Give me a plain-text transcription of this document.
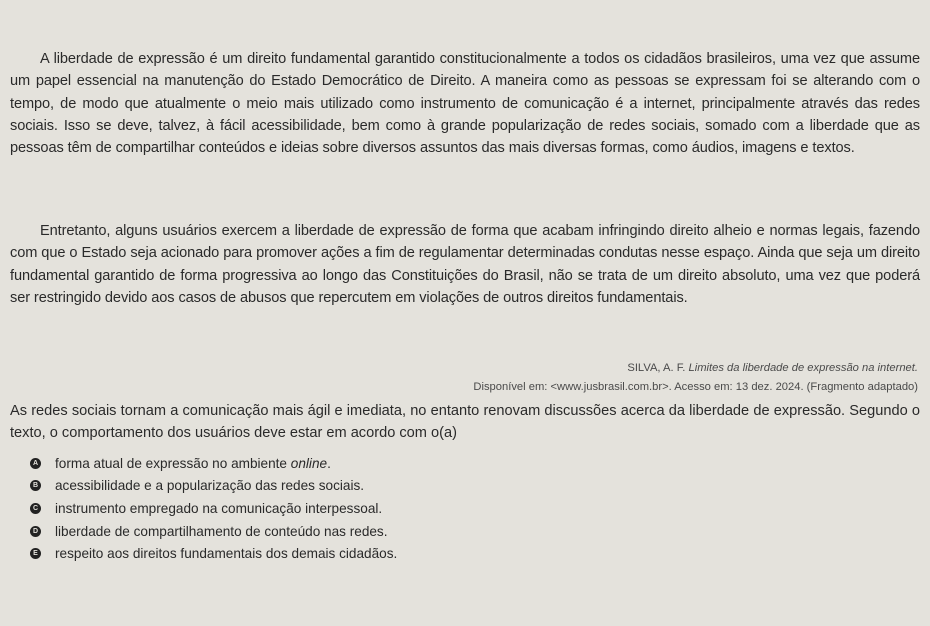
A liberdade de expressão é um direito fundamental garantido constitucionalmente a todos os cidadãos brasileiros, uma vez que assume um papel essencial na manutenção do Estado Democrático de Direito. A maneira como as pessoas se expressam foi se alterando com o tempo, de modo que atualmente o meio mais utilizado como instrumento de comunicação é a internet, principalmente através das redes sociais. Isso se deve, talvez, à fácil acessibilidade, bem como à grande popularização de redes sociais, somado com a liberdade que as pessoas têm de compartilhar conteúdos e ideias sobre diversos assuntos das mais diversas formas, como áudios, imagens e textos.

Entretanto, alguns usuários exercem a liberdade de expressão de forma que acabam infringindo direito alheio e normas legais, fazendo com que o Estado seja acionado para promover ações a fim de regulamentar determinadas condutas nesse espaço. Ainda que seja um direito fundamental garantido de forma progressiva ao longo das Constituições do Brasil, não se trata de um direito absoluto, uma vez que poderá ser restringido devido aos casos de abusos que repercutem em violações de outros direitos fundamentais.

SILVA, A. F. Limites da liberdade de expressão na internet.
Disponível em: <www.jusbrasil.com.br>. Acesso em: 13 dez. 2024. (Fragmento adaptado)

As redes sociais tornam a comunicação mais ágil e imediata, no entanto renovam discussões acerca da liberdade de expressão. Segundo o texto, o comportamento dos usuários deve estar em acordo com o(a)

A forma atual de expressão no ambiente online.
B acessibilidade e a popularização das redes sociais.
C instrumento empregado na comunicação interpessoal.
D liberdade de compartilhamento de conteúdo nas redes.
E respeito aos direitos fundamentais dos demais cidadãos.
